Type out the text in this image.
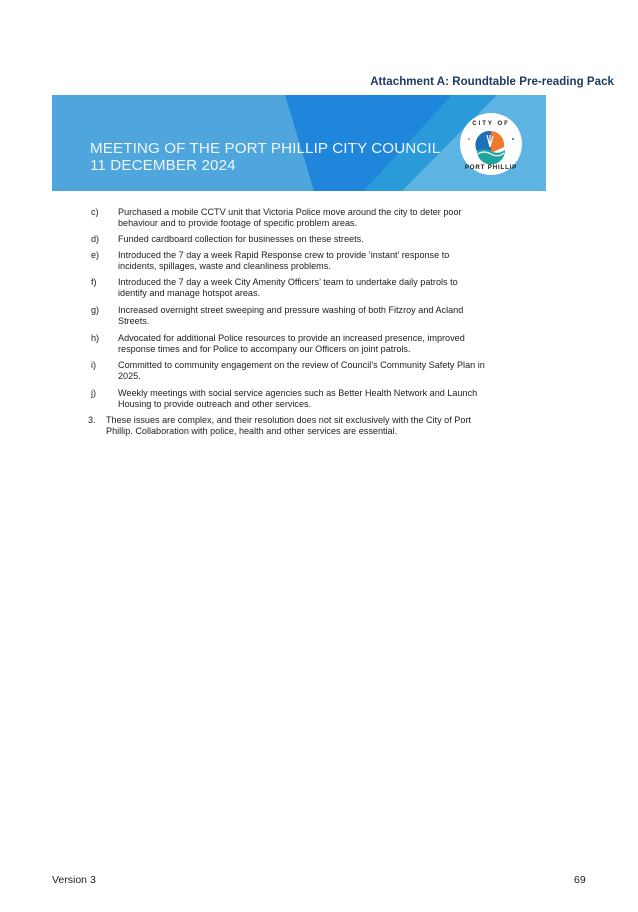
Attachment A: Roundtable Pre-reading Pack
MEETING OF THE PORT PHILLIP CITY COUNCIL
11 DECEMBER 2024
CITY OF
PORT PHILLIP
c) Purchased a mobile CCTV unit that Victoria Police move around the city to deter poor
behaviour and to provide footage of specific problem areas.
d) Funded cardboard collection for businesses on these streets.
e) Introduced the 7 day a week Rapid Response crew to provide ‘instant’ response to
incidents, spillages, waste and cleanliness problems.
f) Introduced the 7 day a week City Amenity Officers’ team to undertake daily patrols to
identify and manage hotspot areas.
g) Increased overnight street sweeping and pressure washing of both Fitzroy and Acland
Streets.
h) Advocated for additional Police resources to provide an increased presence, improved
response times and for Police to accompany our Officers on joint patrols.
i) Committed to community engagement on the review of Council’s Community Safety Plan in
2025.
j) Weekly meetings with social service agencies such as Better Health Network and Launch
Housing to provide outreach and other services.
3. These issues are complex, and their resolution does not sit exclusively with the City of Port
Phillip. Collaboration with police, health and other services are essential.
Version 3	69
